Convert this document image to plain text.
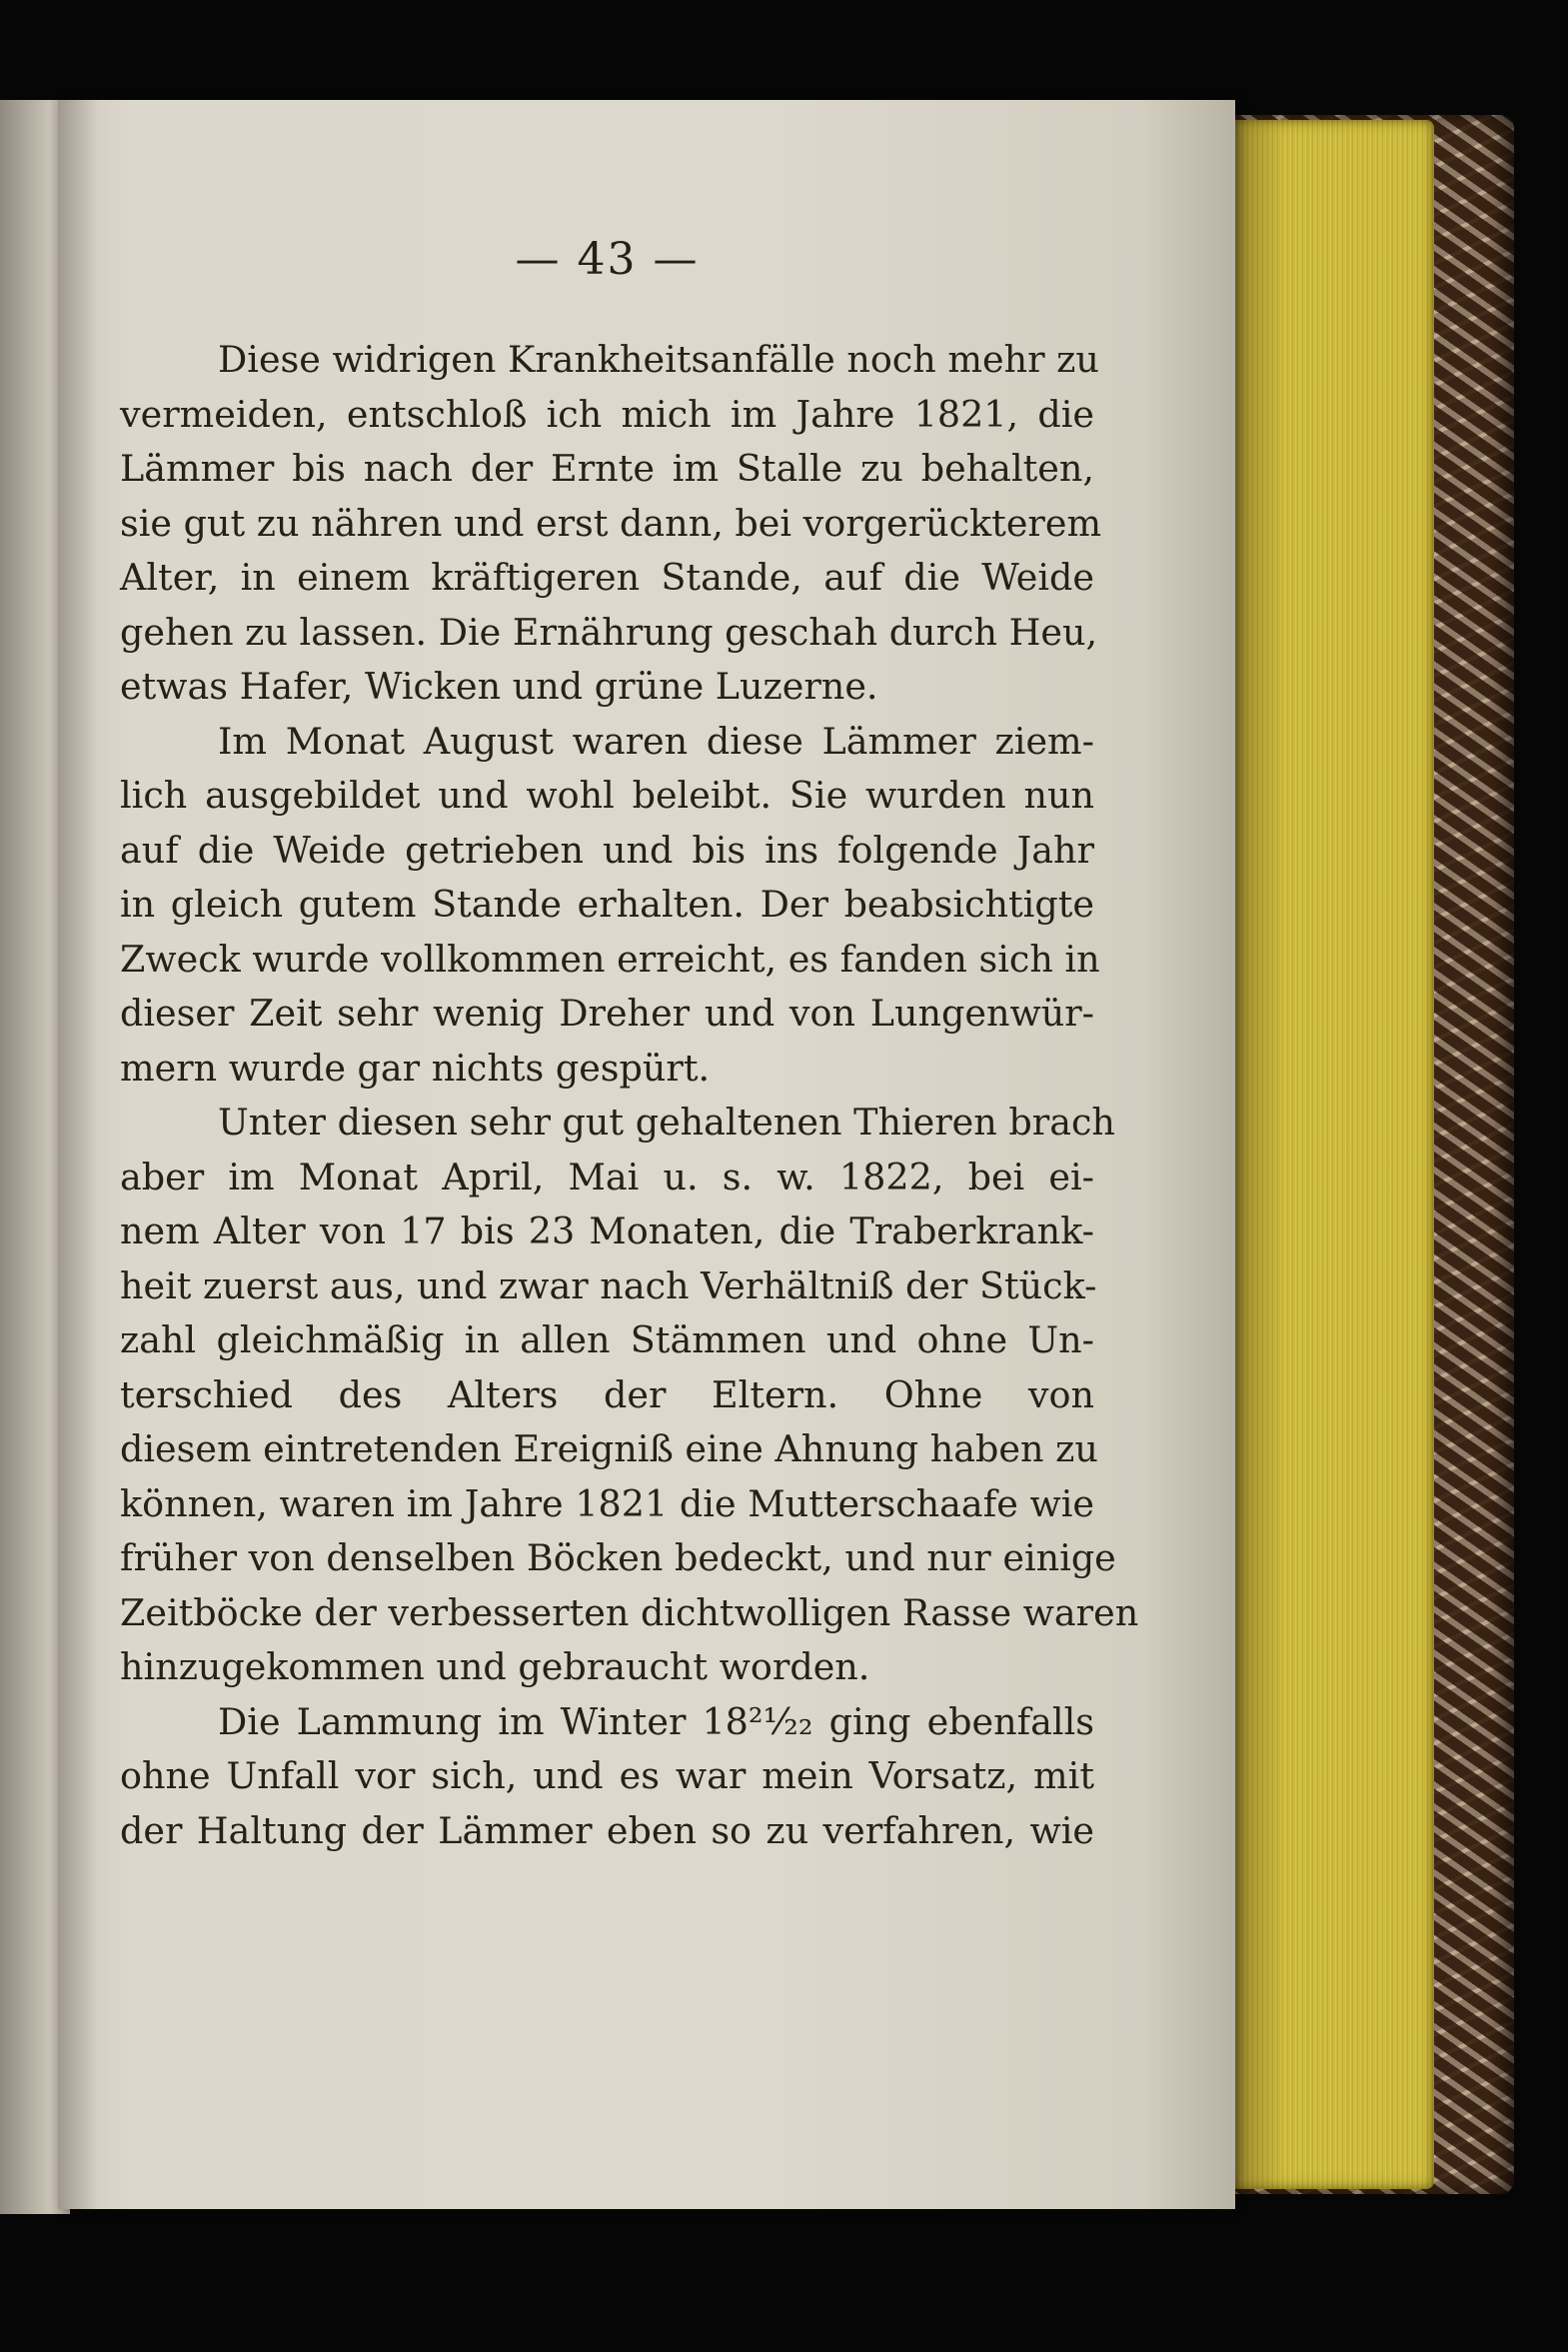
— 43 —
Diese widrigen Krankheitsanfälle noch mehr zu
vermeiden, entschloß ich mich im Jahre 1821, die
Lämmer bis nach der Ernte im Stalle zu behalten,
sie gut zu nähren und erst dann, bei vorgerückterem
Alter, in einem kräftigeren Stande, auf die Weide
gehen zu lassen. Die Ernährung geschah durch Heu,
etwas Hafer, Wicken und grüne Luzerne.
Im Monat August waren diese Lämmer ziem-
lich ausgebildet und wohl beleibt. Sie wurden nun
auf die Weide getrieben und bis ins folgende Jahr
in gleich gutem Stande erhalten. Der beabsichtigte
Zweck wurde vollkommen erreicht, es fanden sich in
dieser Zeit sehr wenig Dreher und von Lungenwür-
mern wurde gar nichts gespürt.
Unter diesen sehr gut gehaltenen Thieren brach
aber im Monat April, Mai u. s. w. 1822, bei ei-
nem Alter von 17 bis 23 Monaten, die Traberkrank-
heit zuerst aus, und zwar nach Verhältniß der Stück-
zahl gleichmäßig in allen Stämmen und ohne Un-
terschied des Alters der Eltern. Ohne von
diesem eintretenden Ereigniß eine Ahnung haben zu
können, waren im Jahre 1821 die Mutterschaafe wie
früher von denselben Böcken bedeckt, und nur einige
Zeitböcke der verbesserten dichtwolligen Rasse waren
hinzugekommen und gebraucht worden.
Die Lammung im Winter 18²¹⁄₂₂ ging ebenfalls
ohne Unfall vor sich, und es war mein Vorsatz, mit
der Haltung der Lämmer eben so zu verfahren, wie
